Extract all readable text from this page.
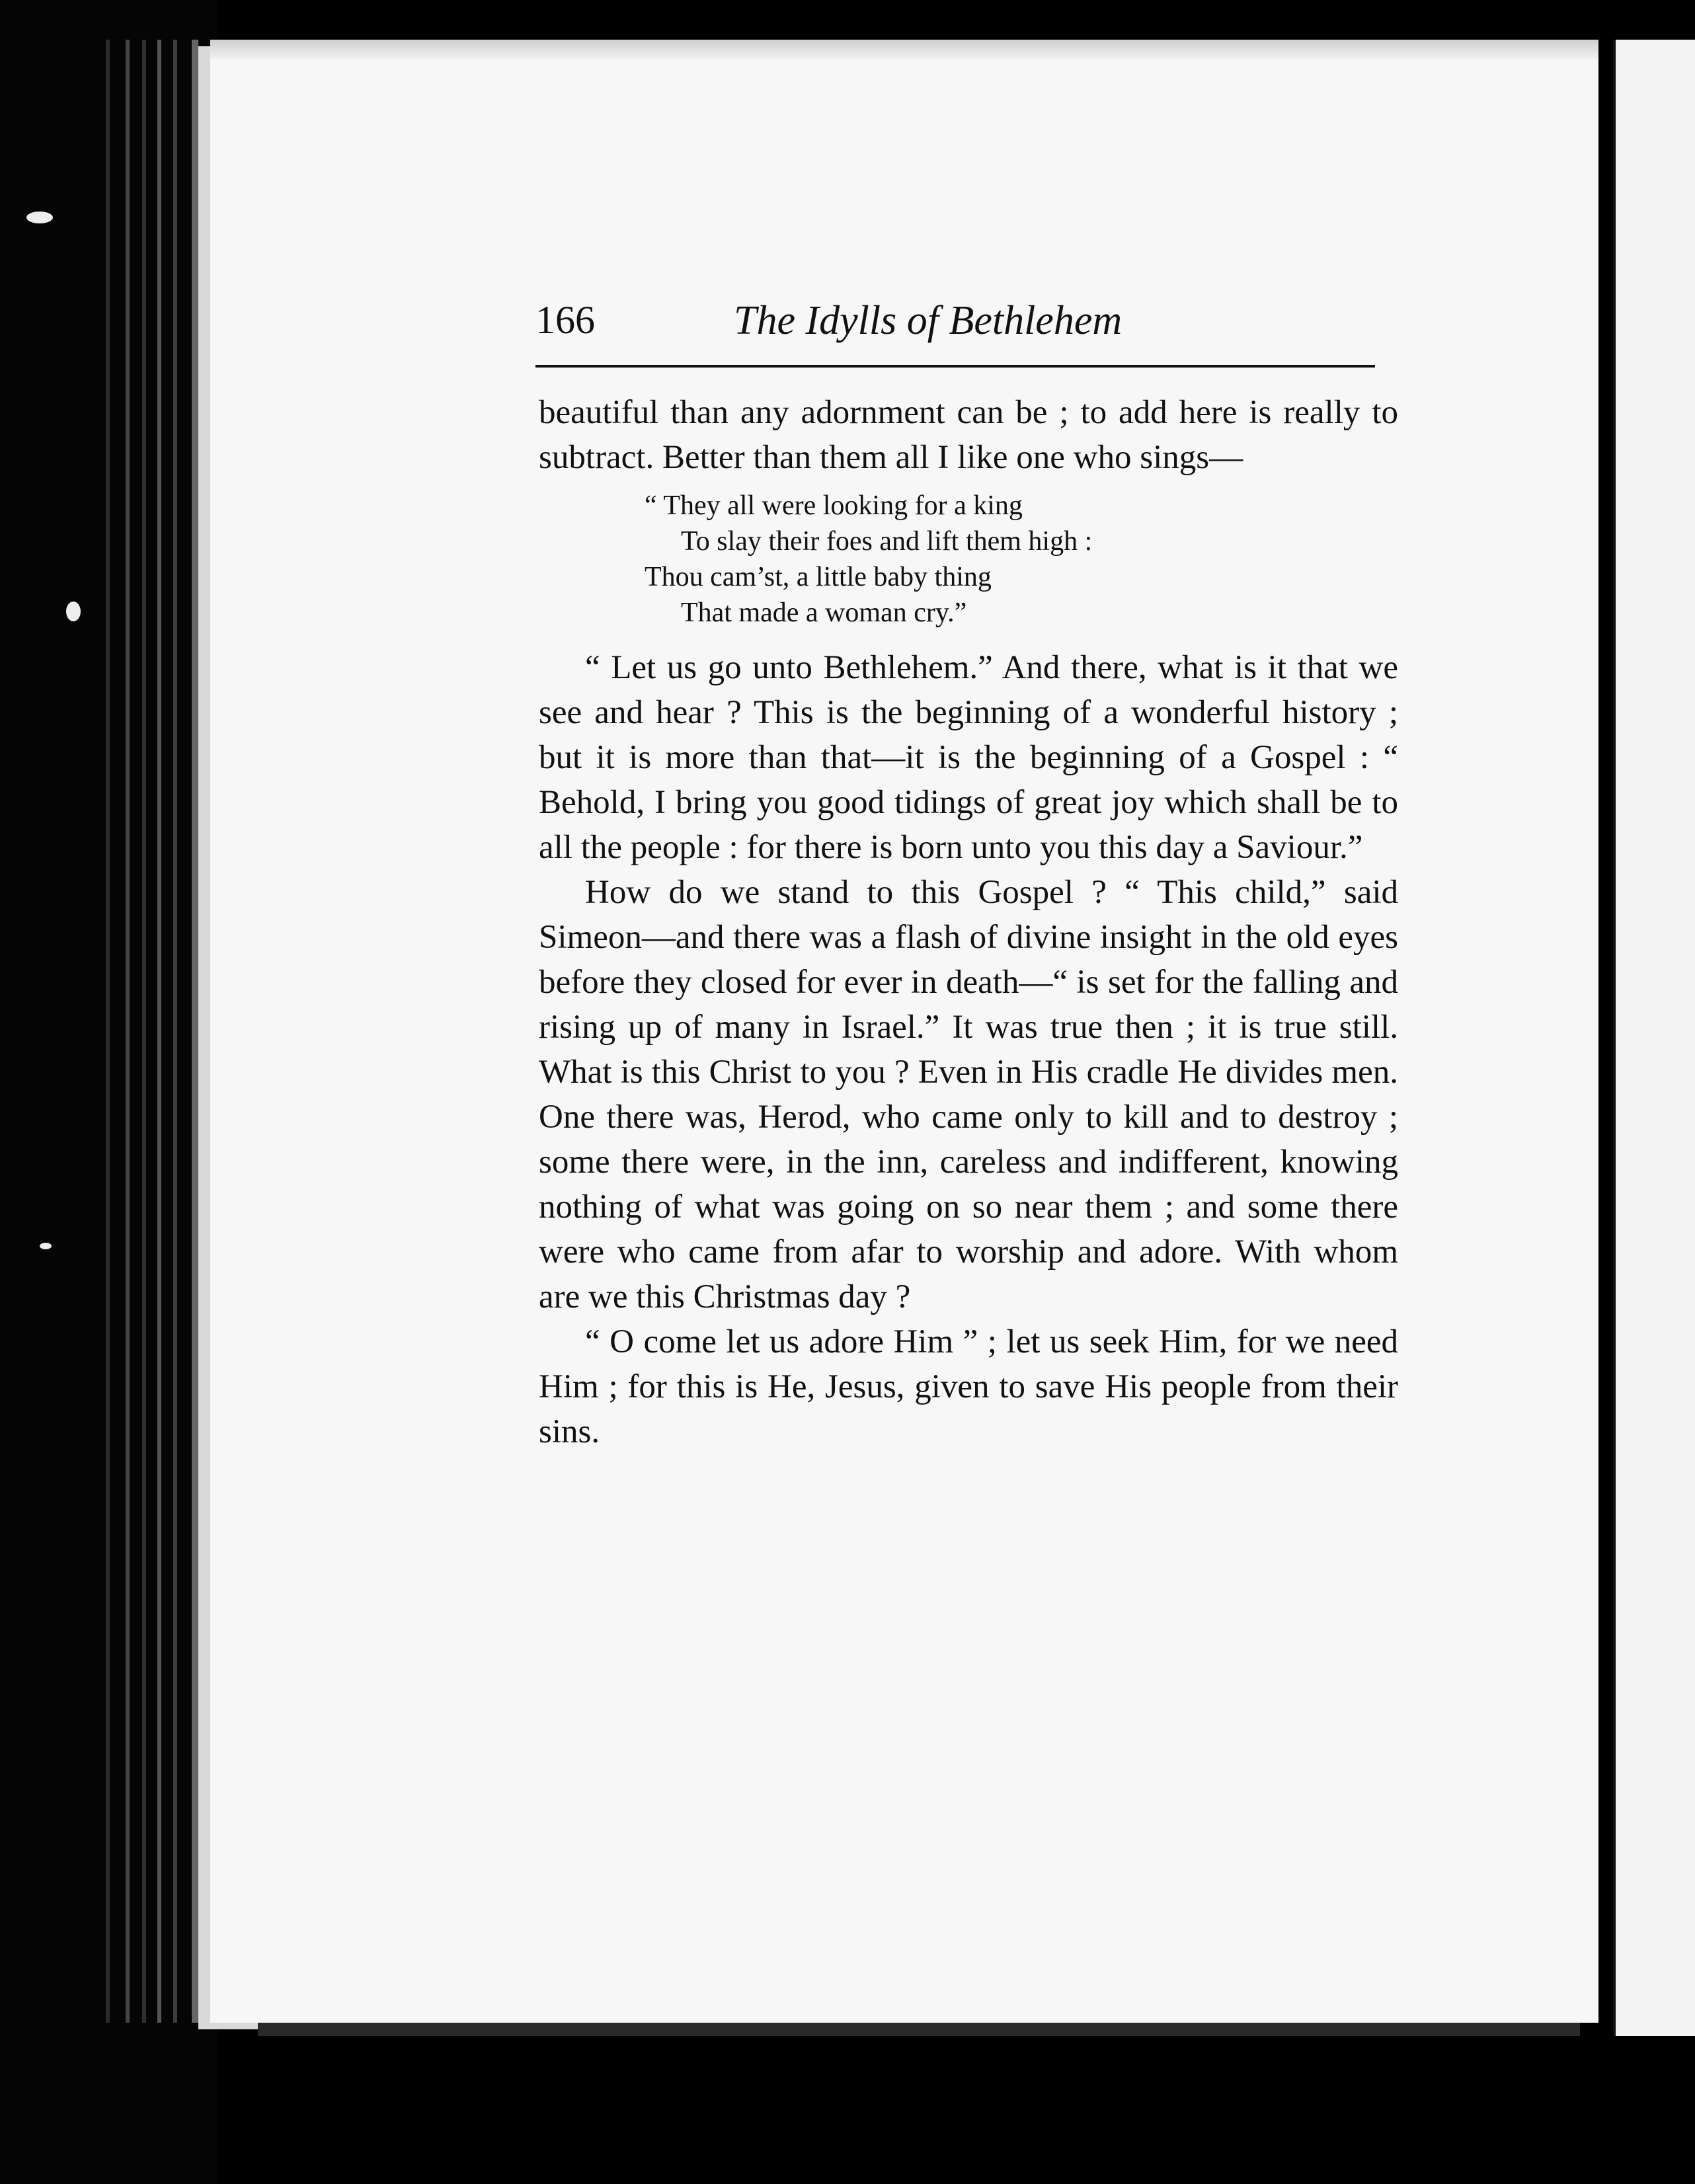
166	The Idylls of Bethlehem

beautiful than any adornment can be ; to add here is really to subtract. Better than them all I like one who sings—

“ They all were looking for a king
To slay their foes and lift them high :
Thou cam’st, a little baby thing
That made a woman cry.”

“ Let us go unto Bethlehem.” And there, what is it that we see and hear ? This is the beginning of a wonderful history ; but it is more than that—it is the beginning of a Gospel : “ Behold, I bring you good tidings of great joy which shall be to all the people : for there is born unto you this day a Saviour.”

How do we stand to this Gospel ? “ This child,” said Simeon—and there was a flash of divine insight in the old eyes before they closed for ever in death—“ is set for the falling and rising up of many in Israel.” It was true then ; it is true still. What is this Christ to you ? Even in His cradle He divides men. One there was, Herod, who came only to kill and to destroy ; some there were, in the inn, careless and indifferent, knowing nothing of what was going on so near them ; and some there were who came from afar to worship and adore. With whom are we this Christmas day ?

“ O come let us adore Him ” ; let us seek Him, for we need Him ; for this is He, Jesus, given to save His people from their sins.
